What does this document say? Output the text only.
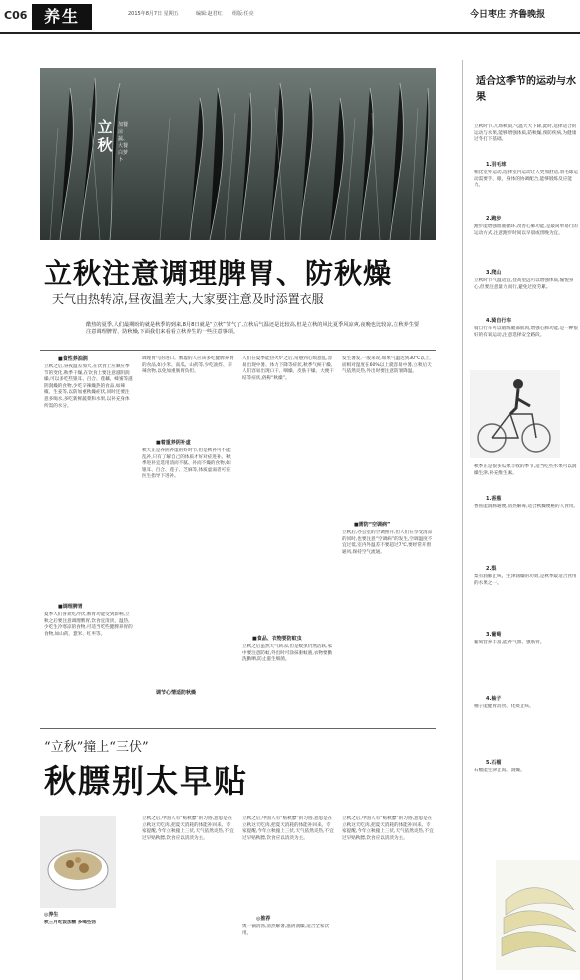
C06	养生	2015年8月7日 星期五	编辑:赵君红 组版:任亮	今日枣庄 齐鲁晚报
立秋
加餐凉蔬、大餐白萝卜
立秋注意调理脾胃、防秋燥
天气由热转凉,昼夜温差大,大家要注意及时添置衣服
酷热的夏季,人们最期盼的就是秋季的到来,8月8日就是“立秋”节气了,立秋后气温还是比较高,但是立秋的风比夏季风凉爽,夜晚也比较凉,立秋养生要注意调理脾胃、防秋燥,下面我们来看看立秋养生的一些注意事项。
■食性养油润
立秋之后,昼夜温差加大,在饮食上应顺应季节的变化,秋季干燥,在饮食上要注意滋阴润燥,可以多吃些银耳、百合、莲藕、蜂蜜等滋阴润燥的食物,少吃辛辣燥热的食品,如辣椒、生姜等,以防加重秋燥症状,同时还要注意多喝水,多吃新鲜蔬菜和水果,以补充身体所需的水分。
■调理脾胃
夏季人们喜欢吃冷饮,脾胃功能受到影响,立秋之后要注意调理脾胃,饮食宜清淡、温热,少吃生冷寒凉的食物,可适当吃些健脾养胃的食物,如山药、薏米、红枣等。
调理胃气的进口。脾虚的人应该多吃健脾养胃的食品,如小米、南瓜、山药等,少吃油炸、辛辣食物,以免加重肠胃负担。
■着重养阴补虚
秋天正是养阴补虚的好时节,但是秋补可不能乱补,只有了解自己的体质才好对症进补。秋季进补宜选用清而不腻、补而不燥的食物,如银耳、百合、莲子、芝麻等,体质虚弱者可在医生指导下进补。
调节心情适防秋燥
人们在夏季能热火炉之后,常感到心烦意乱,容易出现中暑、体力下降等症状,秋季气候干燥,人们容易出现口干、咽燥、皮肤干燥、大便干结等症状,俗称“秋燥”。
■食品、衣物要防蚊虫
立秋之后虽然天气转凉,但是蚊虫仍然活跃,家中要注意防蚊,外出时可涂抹驱蚊液,衣物要勤洗勤晒,防止滋生细菌。
发生暑发,一般来说,如果气温达到30℃以上,而相对湿度在60%以上就容易中暑,立秋后天气依然炎热,外出时要注意防暑降温。
■需防“空调病”
立秋后,办公室的空调照开,但人们在享受清凉的同时,也要注意“空调病”的发生,空调温度不宜过低,室内外温差不要超过7℃,要经常开窗通风,保持空气流通。
适合这季节的运动与水果
立秋时节,几场秋雨,气温大大下降,此时,选择适合的运动与水果,能够增强体质,防秋燥,预防疾病,为健康过冬打下基础。
1.羽毛球
相比室外运动,选择室内运动让人更加舒适,羽毛球运动需要手、眼、身体的协调配合,能够锻炼反应能力。
2.跑步
跑步能增强血液循环,改善心肺功能,是最简单易行的运动方式,注意跑步时间以早晨或傍晚为宜。
3.爬山
立秋时节气温适宜,登高望远可以增强体质,愉悦身心,但要注意量力而行,避免过度劳累。
4.骑自行车
骑自行车可以锻炼腿部肌肉,增强心肺功能,是一种很好的有氧运动,注意选择安全路段。
秋季正是很多瓜果丰收的季节,适当吃些水果可以润燥生津,补充维生素。
1.香蕉
香蕉能润肠通便,清热解毒,适合秋燥便秘的人食用。
2.梨
梨有润肺止咳、生津润燥的功效,是秋季最适合食用的水果之一。
3.葡萄
葡萄营养丰富,能补气血、强筋骨。
4.柚子
柚子能健胃消食、化痰止咳。
5.石榴
石榴能生津止渴、润燥。
“立秋”撞上“三伏”
秋膘别太早贴
◎养生
秋三月吃饭加糖 多喝些汤
立秋之后,中国人有“贴秋膘”的习俗,意思是在立秋这天吃肉,把夏天消耗的体能补回来。专家提醒,今年立秋撞上三伏,天气依然炎热,不宜过早贴秋膘,饮食应以清淡为主。
立秋之后,中国人有“贴秋膘”的习俗,意思是在立秋这天吃肉,把夏天消耗的体能补回来。专家提醒,今年立秋撞上三伏,天气依然炎热,不宜过早贴秋膘,饮食应以清淡为主。
◎推荐
煲一锅清汤,清热解暑,滋阴润燥,适合全家饮用。
立秋之后,中国人有“贴秋膘”的习俗,意思是在立秋这天吃肉,把夏天消耗的体能补回来。专家提醒,今年立秋撞上三伏,天气依然炎热,不宜过早贴秋膘,饮食应以清淡为主。
